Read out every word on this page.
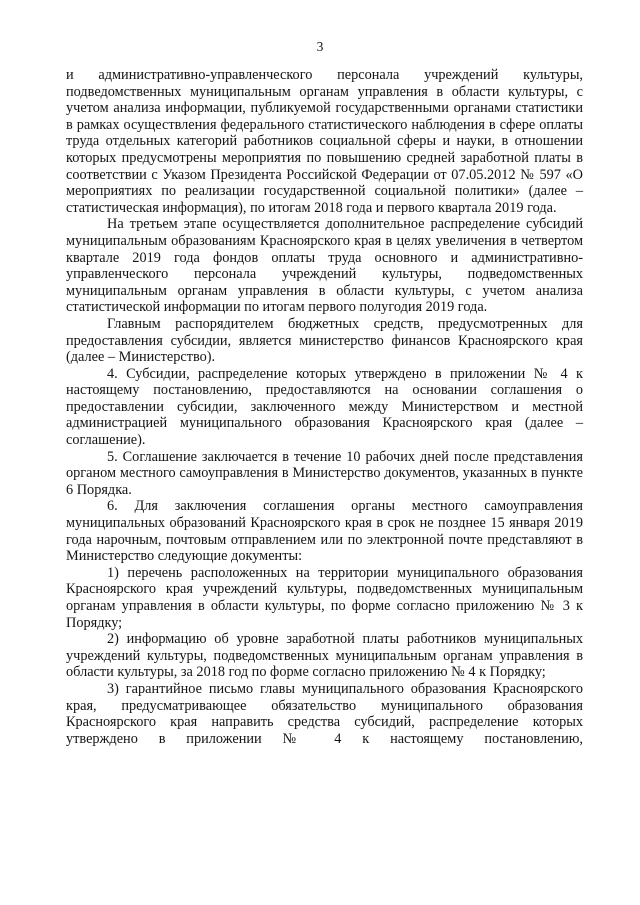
3

и административно-управленческого персонала учреждений культуры, подведомственных муниципальным органам управления в области культуры, с учетом анализа информации, публикуемой государственными органами статистики в рамках осуществления федерального статистического наблюдения в сфере оплаты труда отдельных категорий работников социальной сферы и науки, в отношении которых предусмотрены мероприятия по повышению средней заработной платы в соответствии с Указом Президента Российской Федерации от 07.05.2012 № 597 «О мероприятиях по реализации государственной социальной политики» (далее – статистическая информация), по итогам 2018 года и первого квартала 2019 года.

На третьем этапе осуществляется дополнительное распределение субсидий муниципальным образованиям Красноярского края в целях увеличения в четвертом квартале 2019 года фондов оплаты труда основного и административно-управленческого персонала учреждений культуры, подведомственных муниципальным органам управления в области культуры, с учетом анализа статистической информации по итогам первого полугодия 2019 года.

Главным распорядителем бюджетных средств, предусмотренных для предоставления субсидии, является министерство финансов Красноярского края (далее – Министерство).

4. Субсидии, распределение которых утверждено в приложении № 4 к настоящему постановлению, предоставляются на основании соглашения о предоставлении субсидии, заключенного между Министерством и местной администрацией муниципального образования Красноярского края (далее – соглашение).

5. Соглашение заключается в течение 10 рабочих дней после представления органом местного самоуправления в Министерство документов, указанных в пункте 6 Порядка.

6. Для заключения соглашения органы местного самоуправления муниципальных образований Красноярского края в срок не позднее 15 января 2019 года нарочным, почтовым отправлением или по электронной почте представляют в Министерство следующие документы:

1) перечень расположенных на территории муниципального образования Красноярского края учреждений культуры, подведомственных муниципальным органам управления в области культуры, по форме согласно приложению № 3 к Порядку;

2) информацию об уровне заработной платы работников муниципальных учреждений культуры, подведомственных муниципальным органам управления в области культуры, за 2018 год по форме согласно приложению № 4 к Порядку;

3) гарантийное письмо главы муниципального образования Красноярского края, предусматривающее обязательство муниципального образования Красноярского края направить средства субсидий, распределение которых утверждено в приложении № 4 к настоящему постановлению,
